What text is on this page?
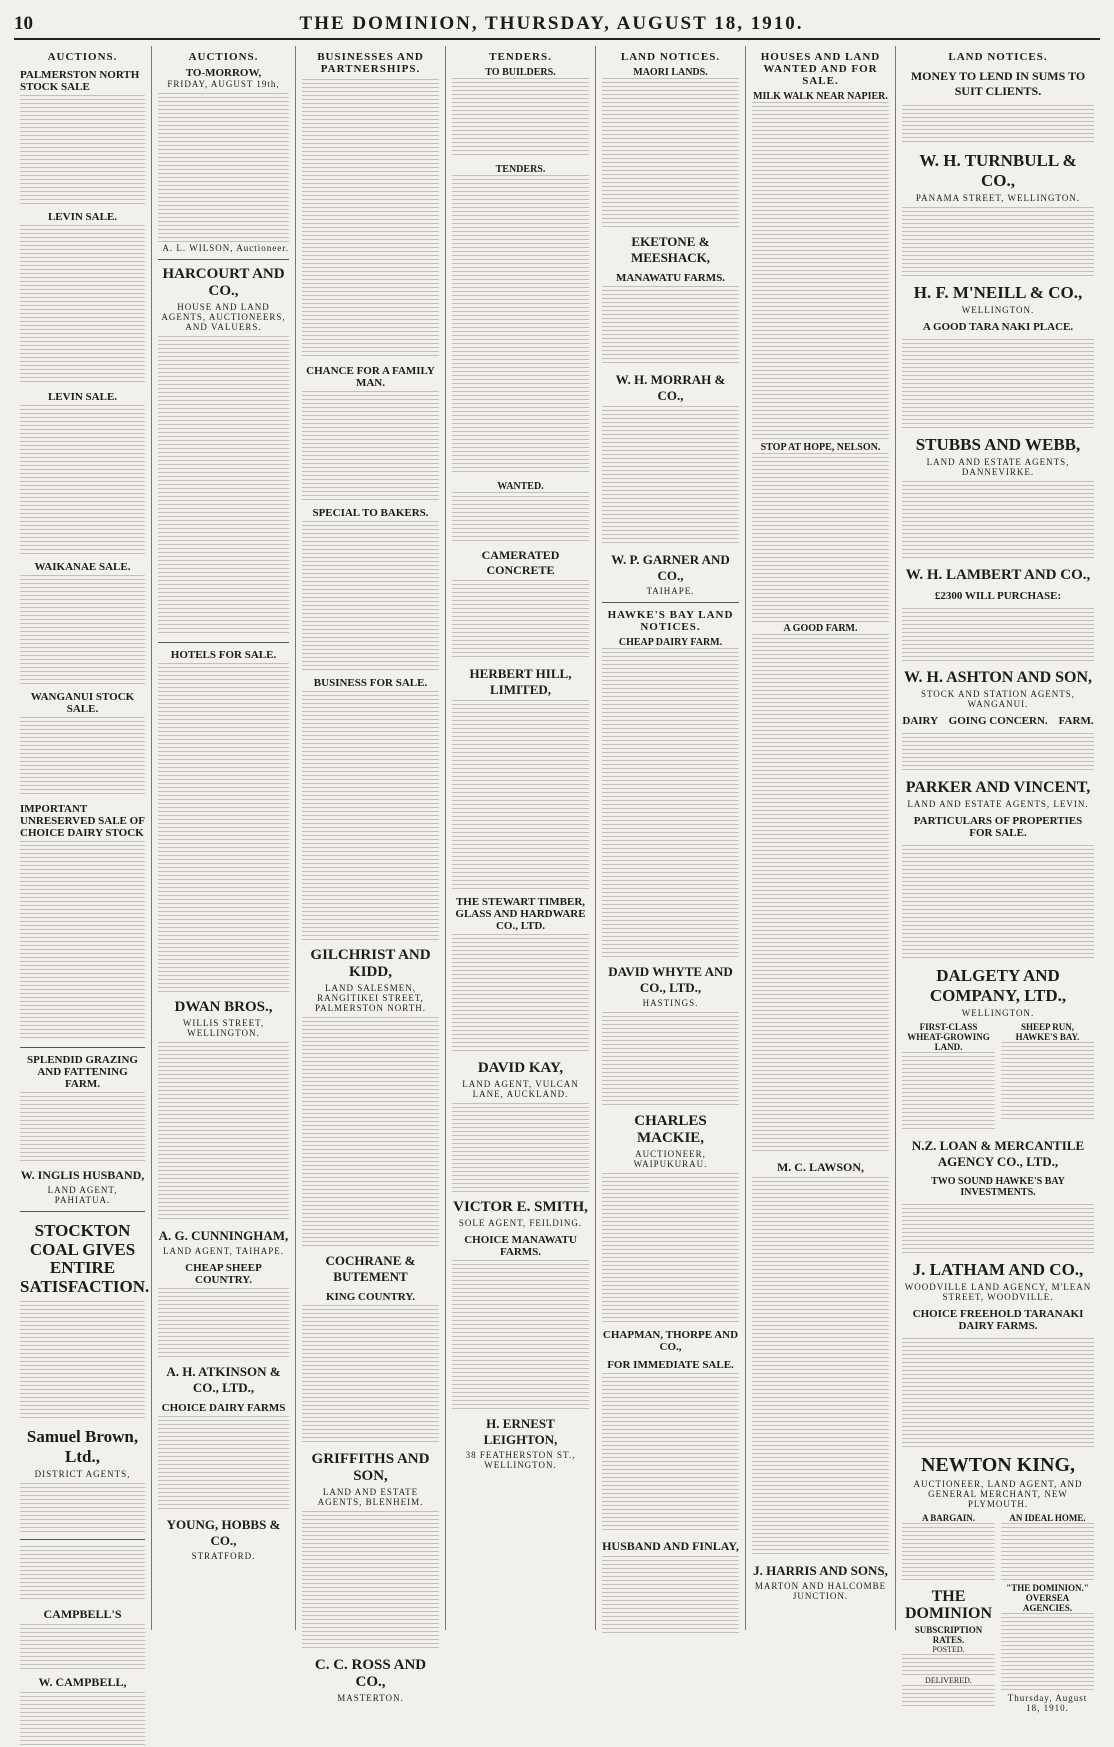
10	THE DOMINION, THURSDAY, AUGUST 18, 1910.
AUCTIONS.
PALMERSTON NORTH STOCK SALE
LEVIN SALE.
LEVIN SALE.
WAIKANAE SALE.
WANGANUI STOCK SALE.
IMPORTANT UNRESERVED SALE OF CHOICE DAIRY STOCK
SPLENDID GRAZING AND FATTENING FARM.
W. INGLIS HUSBAND,
LAND AGENT, PAHIATUA.
STOCKTON COAL GIVES ENTIRE SATISFACTION.
Samuel Brown, Ltd.,
DISTRICT AGENTS,
CAMPBELL'S
W. CAMPBELL,
AUCTIONS.
TO-MORROW,
FRIDAY, AUGUST 19th,
A. L. WILSON, Auctioneer.
HARCOURT AND CO.,
HOUSE AND LAND AGENTS, AUCTIONEERS, AND VALUERS.
HOTELS FOR SALE.
DWAN BROS.,
WILLIS STREET, WELLINGTON.
A. G. CUNNINGHAM,
LAND AGENT, TAIHAPE.
CHEAP SHEEP COUNTRY.
A. H. ATKINSON & CO., LTD.,
CHOICE DAIRY FARMS
YOUNG, HOBBS & CO.,
STRATFORD.
BUSINESSES AND PARTNERSHIPS.
CHANCE FOR A FAMILY MAN.
SPECIAL TO BAKERS.
BUSINESS FOR SALE.
GILCHRIST AND KIDD,
LAND SALESMEN, RANGITIKEI STREET, PALMERSTON NORTH.
COCHRANE & BUTEMENT
KING COUNTRY.
GRIFFITHS AND SON,
LAND AND ESTATE AGENTS, BLENHEIM.
C. C. ROSS AND CO.,
MASTERTON.
TENDERS.
TO BUILDERS.
TENDERS.
WANTED.
CAMERATED CONCRETE
HERBERT HILL, LIMITED,
THE STEWART TIMBER, GLASS AND HARDWARE CO., LTD.
DAVID KAY,
LAND AGENT, VULCAN LANE, AUCKLAND.
VICTOR E. SMITH,
SOLE AGENT, FEILDING.
CHOICE MANAWATU FARMS.
H. ERNEST LEIGHTON,
38 FEATHERSTON ST., WELLINGTON.
LAND NOTICES.
MAORI LANDS.
EKETONE & MEESHACK,
MANAWATU FARMS.
W. H. MORRAH & CO.,
W. P. GARNER AND CO.,
TAIHAPE.
HAWKE'S BAY LAND NOTICES.
CHEAP DAIRY FARM.
DAVID WHYTE AND CO., LTD.,
HASTINGS.
CHARLES MACKIE,
AUCTIONEER, WAIPUKURAU.
CHAPMAN, THORPE AND CO.,
FOR IMMEDIATE SALE.
HUSBAND AND FINLAY,
HOUSES AND LAND WANTED AND FOR SALE.
MILK WALK NEAR NAPIER.
STOP AT HOPE, NELSON.
A GOOD FARM.
M. C. LAWSON,
J. HARRIS AND SONS,
MARTON AND HALCOMBE JUNCTION.
LAND NOTICES.
MONEY TO LEND IN SUMS TO SUIT CLIENTS.
W. H. TURNBULL & CO.,
PANAMA STREET, WELLINGTON.
H. F. M'NEILL & CO.,
WELLINGTON.
A GOOD TARA NAKI PLACE.
STUBBS AND WEBB,
LAND AND ESTATE AGENTS, DANNEVIRKE.
W. H. LAMBERT AND CO.,
£2300 WILL PURCHASE:
W. H. ASHTON AND SON,
STOCK AND STATION AGENTS, WANGANUI.
DAIRY    GOING CONCERN.    FARM.
PARKER AND VINCENT,
LAND AND ESTATE AGENTS, LEVIN.
PARTICULARS OF PROPERTIES FOR SALE.
DALGETY AND COMPANY, LTD.,
WELLINGTON.
FIRST-CLASS WHEAT-GROWING LAND.
SHEEP RUN, HAWKE'S BAY.
N.Z. LOAN & MERCANTILE AGENCY CO., LTD.,
TWO SOUND HAWKE'S BAY INVESTMENTS.
J. LATHAM AND CO.,
WOODVILLE LAND AGENCY, M'LEAN STREET, WOODVILLE.
CHOICE FREEHOLD TARANAKI DAIRY FARMS.
NEWTON KING,
AUCTIONEER, LAND AGENT, AND GENERAL MERCHANT, NEW PLYMOUTH.
A BARGAIN.	AN IDEAL HOME.
THE DOMINION
SUBSCRIPTION RATES.
POSTED.
DELIVERED.
"THE DOMINION." OVERSEA AGENCIES.
Thursday, August 18, 1910.
